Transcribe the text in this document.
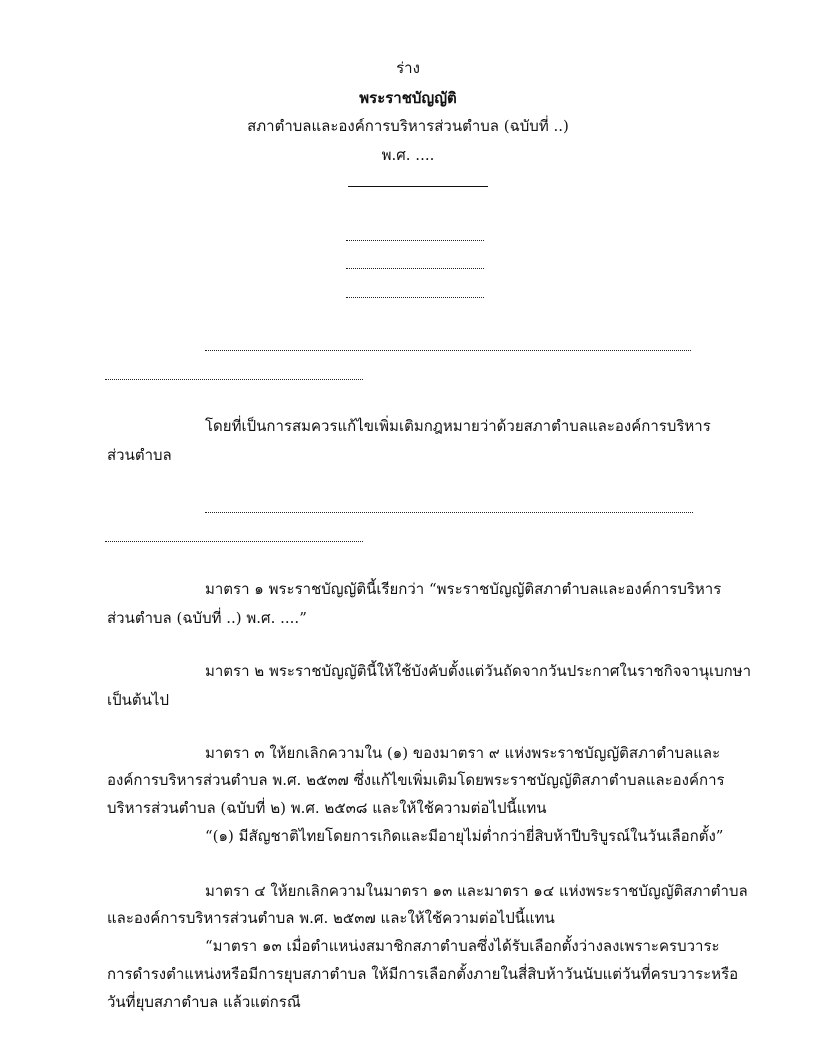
ร่าง
พระราชบัญญัติ
สภาตำบลและองค์การบริหารส่วนตำบล (ฉบับที่ ..)
พ.ศ. ....
โดยที่เป็นการสมควรแก้ไขเพิ่มเติมกฎหมายว่าด้วยสภาตำบลและองค์การบริหาร
ส่วนตำบล
มาตรา ๑ พระราชบัญญัตินี้เรียกว่า “พระราชบัญญัติสภาตำบลและองค์การบริหาร
ส่วนตำบล (ฉบับที่ ..) พ.ศ. ....”
มาตรา ๒ พระราชบัญญัตินี้ให้ใช้บังคับตั้งแต่วันถัดจากวันประกาศในราชกิจจานุเบกษา
เป็นต้นไป
มาตรา ๓ ให้ยกเลิกความใน (๑) ของมาตรา ๙ แห่งพระราชบัญญัติสภาตำบลและ
องค์การบริหารส่วนตำบล พ.ศ. ๒๕๓๗ ซึ่งแก้ไขเพิ่มเติมโดยพระราชบัญญัติสภาตำบลและองค์การ
บริหารส่วนตำบล (ฉบับที่ ๒) พ.ศ. ๒๕๓๘ และให้ใช้ความต่อไปนี้แทน
“(๑) มีสัญชาติไทยโดยการเกิดและมีอายุไม่ต่ำกว่ายี่สิบห้าปีบริบูรณ์ในวันเลือกตั้ง”
มาตรา ๔ ให้ยกเลิกความในมาตรา ๑๓ และมาตรา ๑๔ แห่งพระราชบัญญัติสภาตำบล
และองค์การบริหารส่วนตำบล พ.ศ. ๒๕๓๗ และให้ใช้ความต่อไปนี้แทน
“มาตรา ๑๓ เมื่อตำแหน่งสมาชิกสภาตำบลซึ่งได้รับเลือกตั้งว่างลงเพราะครบวาระ
การดำรงตำแหน่งหรือมีการยุบสภาตำบล ให้มีการเลือกตั้งภายในสี่สิบห้าวันนับแต่วันที่ครบวาระหรือ
วันที่ยุบสภาตำบล แล้วแต่กรณี
